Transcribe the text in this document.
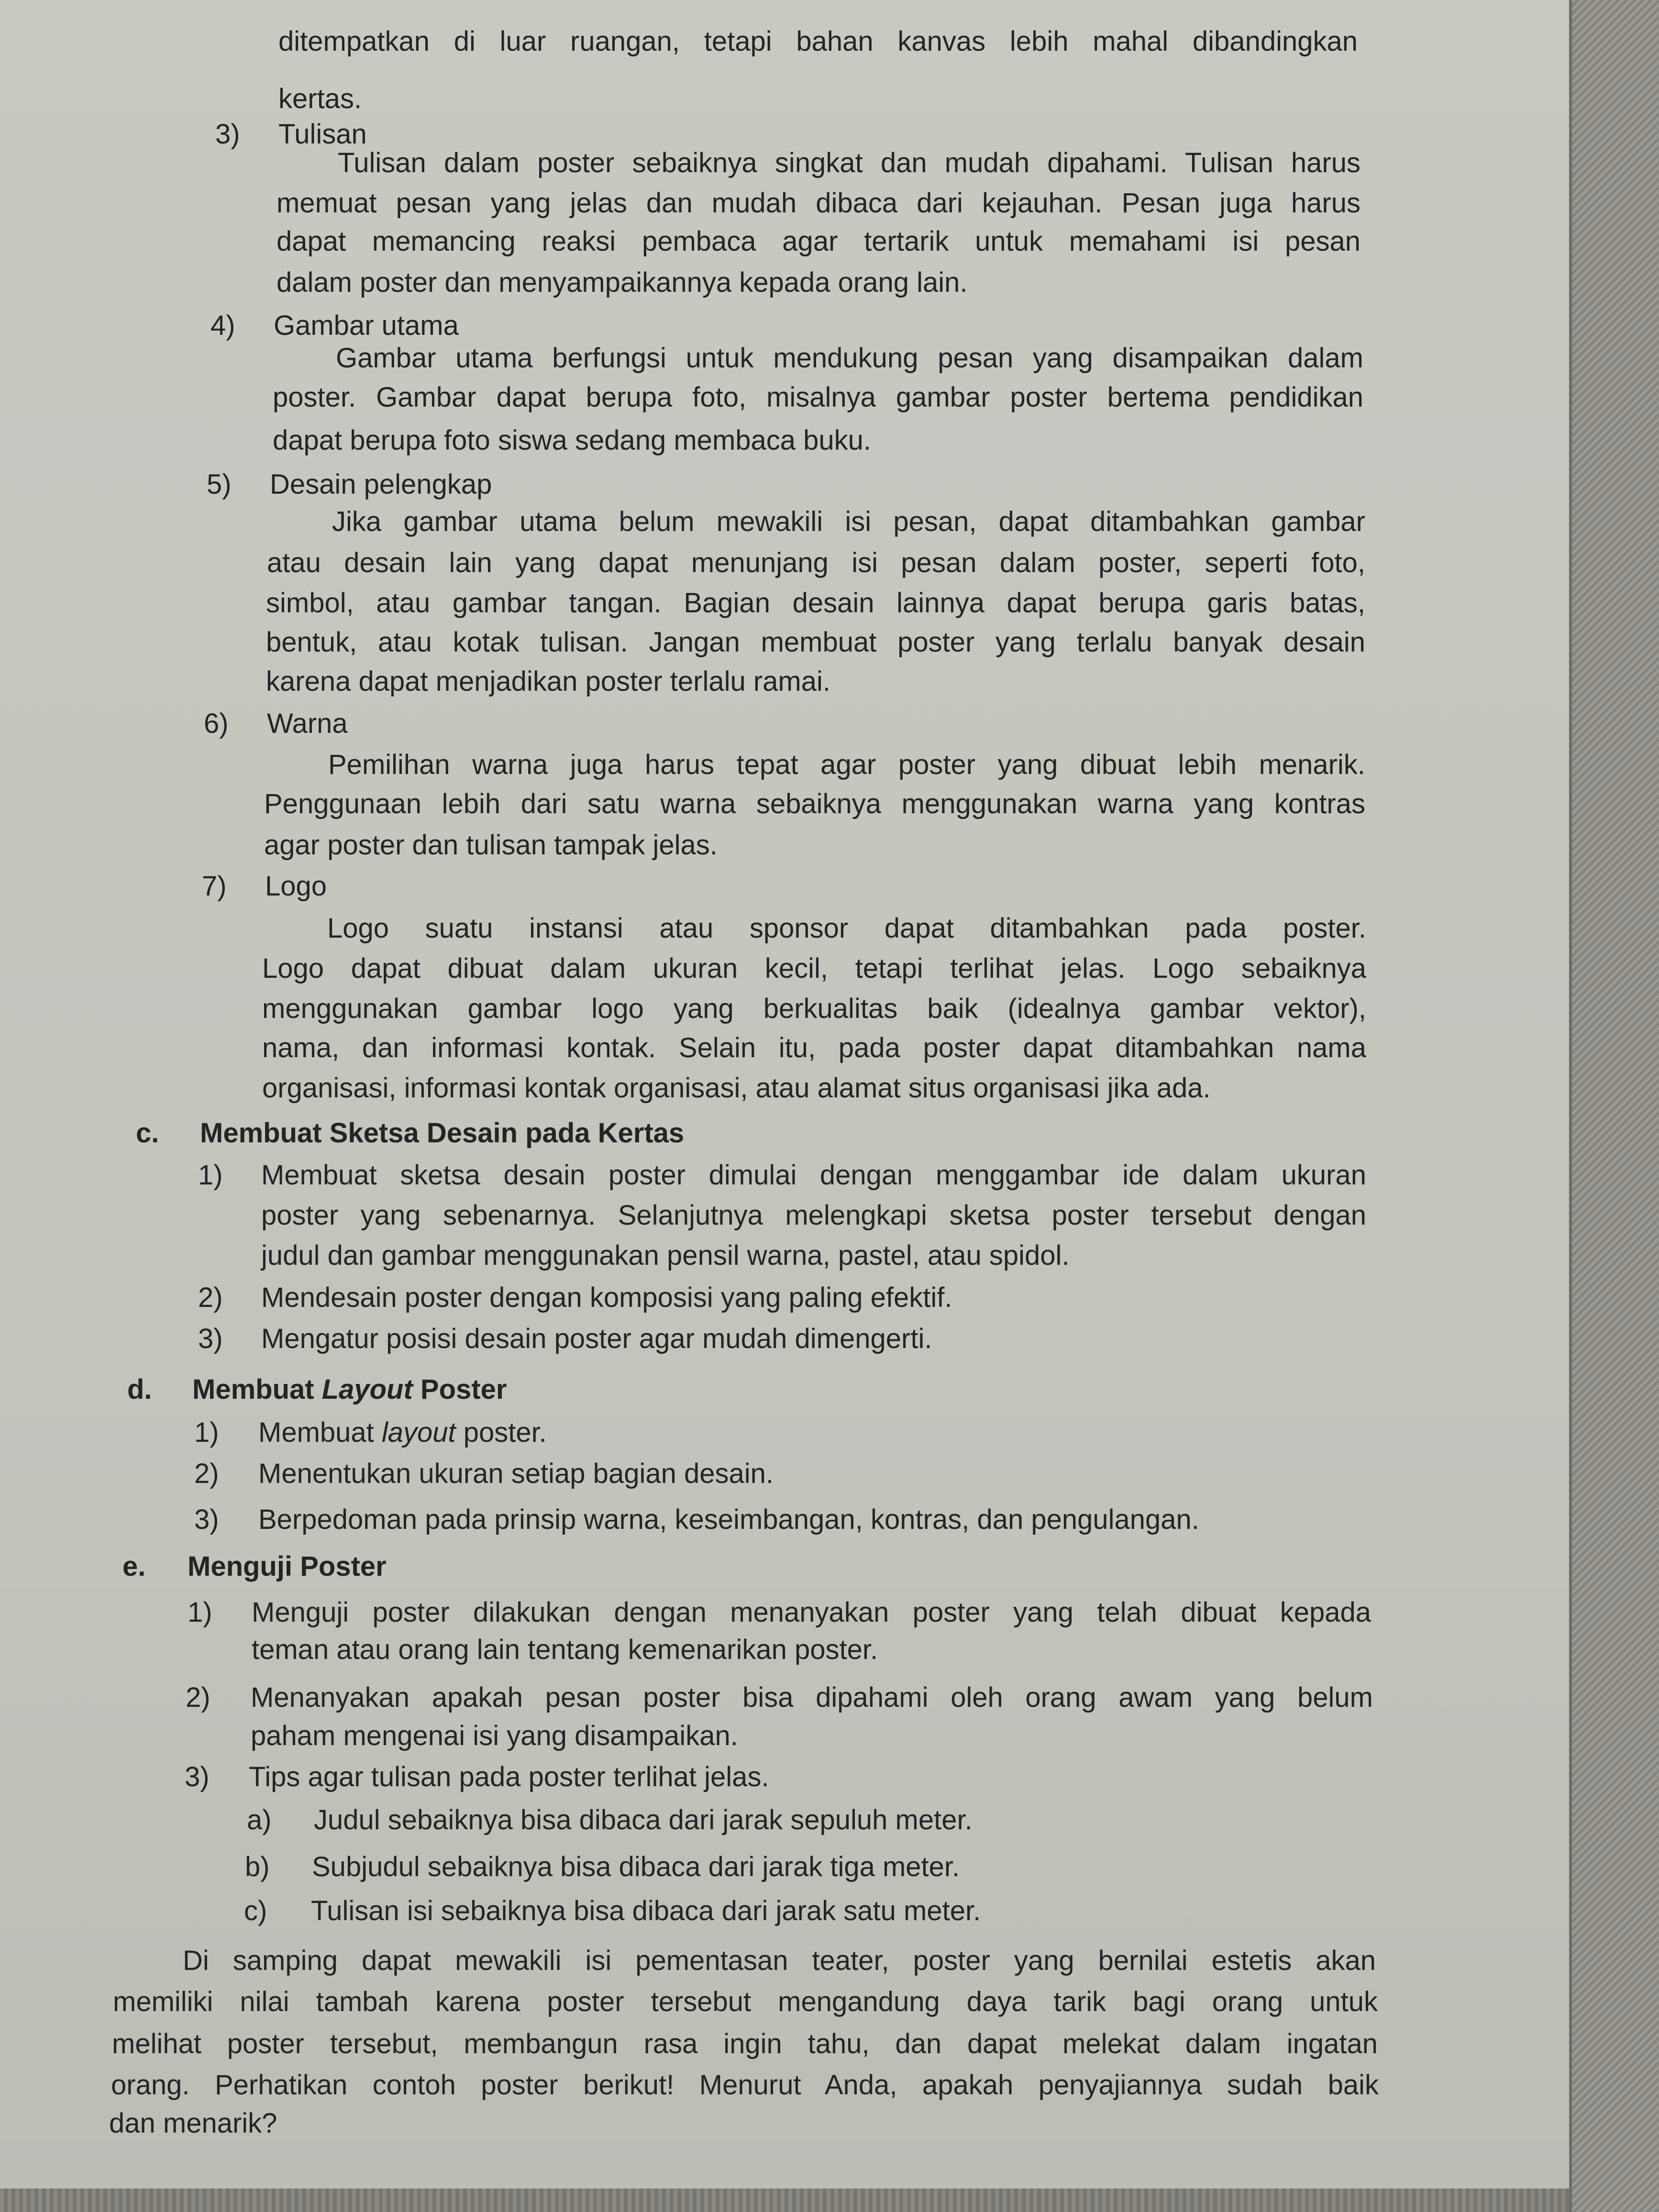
ditempatkan di luar ruangan, tetapi bahan kanvas lebih mahal dibandingkan
kertas.
3) Tulisan
Tulisan dalam poster sebaiknya singkat dan mudah dipahami. Tulisan harus
memuat pesan yang jelas dan mudah dibaca dari kejauhan. Pesan juga harus
dapat memancing reaksi pembaca agar tertarik untuk memahami isi pesan
dalam poster dan menyampaikannya kepada orang lain.
4) Gambar utama
Gambar utama berfungsi untuk mendukung pesan yang disampaikan dalam
poster. Gambar dapat berupa foto, misalnya gambar poster bertema pendidikan
dapat berupa foto siswa sedang membaca buku.
5) Desain pelengkap
Jika gambar utama belum mewakili isi pesan, dapat ditambahkan gambar
atau desain lain yang dapat menunjang isi pesan dalam poster, seperti foto,
simbol, atau gambar tangan. Bagian desain lainnya dapat berupa garis batas,
bentuk, atau kotak tulisan. Jangan membuat poster yang terlalu banyak desain
karena dapat menjadikan poster terlalu ramai.
6) Warna
Pemilihan warna juga harus tepat agar poster yang dibuat lebih menarik.
Penggunaan lebih dari satu warna sebaiknya menggunakan warna yang kontras
agar poster dan tulisan tampak jelas.
7) Logo
Logo suatu instansi atau sponsor dapat ditambahkan pada poster.
Logo dapat dibuat dalam ukuran kecil, tetapi terlihat jelas. Logo sebaiknya
menggunakan gambar logo yang berkualitas baik (idealnya gambar vektor),
nama, dan informasi kontak. Selain itu, pada poster dapat ditambahkan nama
organisasi, informasi kontak organisasi, atau alamat situs organisasi jika ada.
c. Membuat Sketsa Desain pada Kertas
1) Membuat sketsa desain poster dimulai dengan menggambar ide dalam ukuran
poster yang sebenarnya. Selanjutnya melengkapi sketsa poster tersebut dengan
judul dan gambar menggunakan pensil warna, pastel, atau spidol.
2) Mendesain poster dengan komposisi yang paling efektif.
3) Mengatur posisi desain poster agar mudah dimengerti.
d. Membuat Layout Poster
1) Membuat layout poster.
2) Menentukan ukuran setiap bagian desain.
3) Berpedoman pada prinsip warna, keseimbangan, kontras, dan pengulangan.
e. Menguji Poster
1) Menguji poster dilakukan dengan menanyakan poster yang telah dibuat kepada
teman atau orang lain tentang kemenarikan poster.
2) Menanyakan apakah pesan poster bisa dipahami oleh orang awam yang belum
paham mengenai isi yang disampaikan.
3) Tips agar tulisan pada poster terlihat jelas.
a) Judul sebaiknya bisa dibaca dari jarak sepuluh meter.
b) Subjudul sebaiknya bisa dibaca dari jarak tiga meter.
c) Tulisan isi sebaiknya bisa dibaca dari jarak satu meter.
Di samping dapat mewakili isi pementasan teater, poster yang bernilai estetis akan
memiliki nilai tambah karena poster tersebut mengandung daya tarik bagi orang untuk
melihat poster tersebut, membangun rasa ingin tahu, dan dapat melekat dalam ingatan
orang. Perhatikan contoh poster berikut! Menurut Anda, apakah penyajiannya sudah baik
dan menarik?
